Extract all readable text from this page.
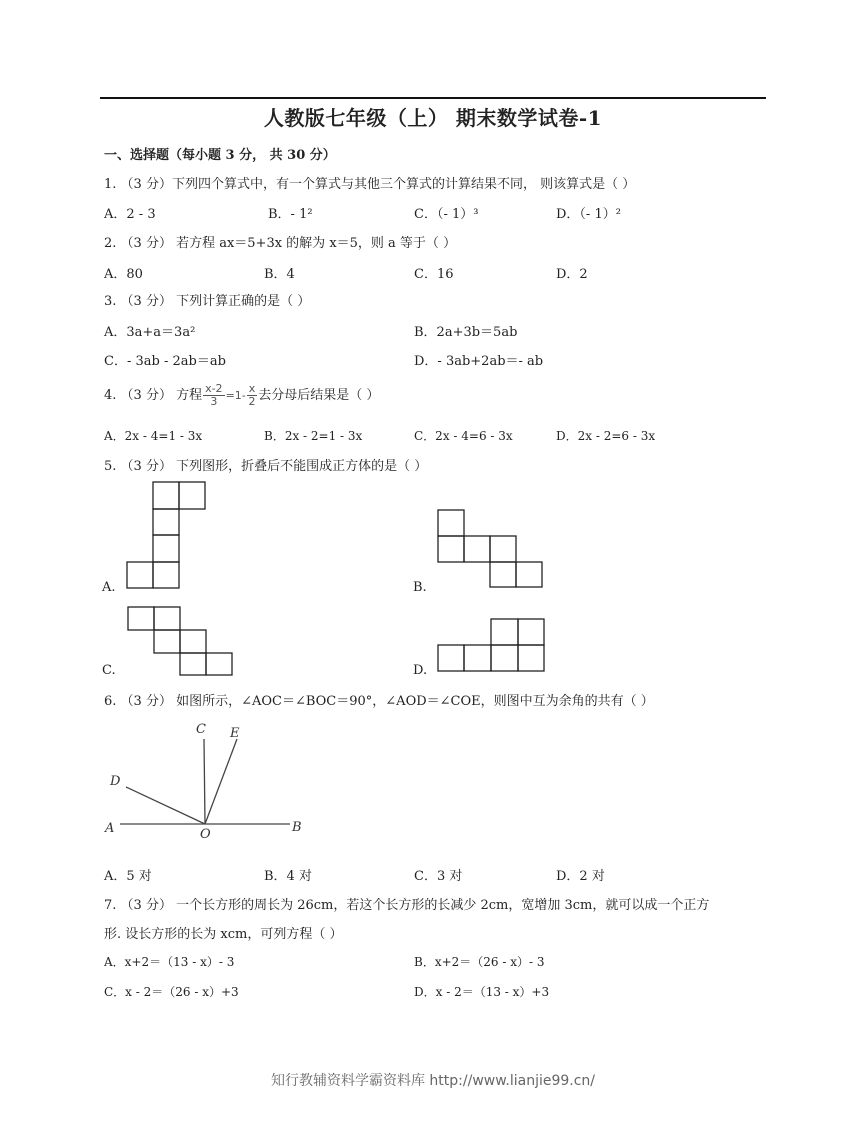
人教版七年级（上） 期末数学试卷-1
一、选择题（每小题 3 分， 共 30 分）
1. （3 分）下列四个算式中，有一个算式与其他三个算式的计算结果不同， 则该算式是（ ）
A．2 - 3	B．- 1²	C．（- 1）³	D．（- 1）²
2. （3 分） 若方程 ax＝5+3x 的解为 x＝5，则 a 等于（ ）
A．80	B．4	C．16	D．2
3. （3 分） 下列计算正确的是（ ）
A．3a+a＝3a²	B．2a+3b＝5ab
C．- 3ab - 2ab＝ab	D．- 3ab+2ab＝- ab
4. （3 分） 方程 $\frac{x-2}{3} =1- \frac{x}{2}$ 去分母后结果是（ ）
A．2x - 4=1 - 3x	B．2x - 2=1 - 3x	C．2x - 4=6 - 3x	D．2x - 2=6 - 3x
5. （3 分） 下列图形，折叠后不能围成正方体的是（ ）
A.	B.
C.	D.
6. （3 分） 如图所示，∠AOC＝∠BOC＝90°，∠AOD＝∠COE，则图中互为余角的共有（ ）
C E
D
A	O	B
A．5 对	B．4 对	C．3 对	D．2 对
7. （3 分） 一个长方形的周长为 26cm，若这个长方形的长减少 2cm，宽增加 3cm，就可以成一个正方
形. 设长方形的长为 xcm，可列方程（ ）
A．x+2＝（13 - x）- 3	B．x+2＝（26 - x）- 3
C．x - 2＝（26 - x）+3	D．x - 2＝（13 - x）+3
知行教辅资料学霸资料库 http://www.lianjie99.cn/
